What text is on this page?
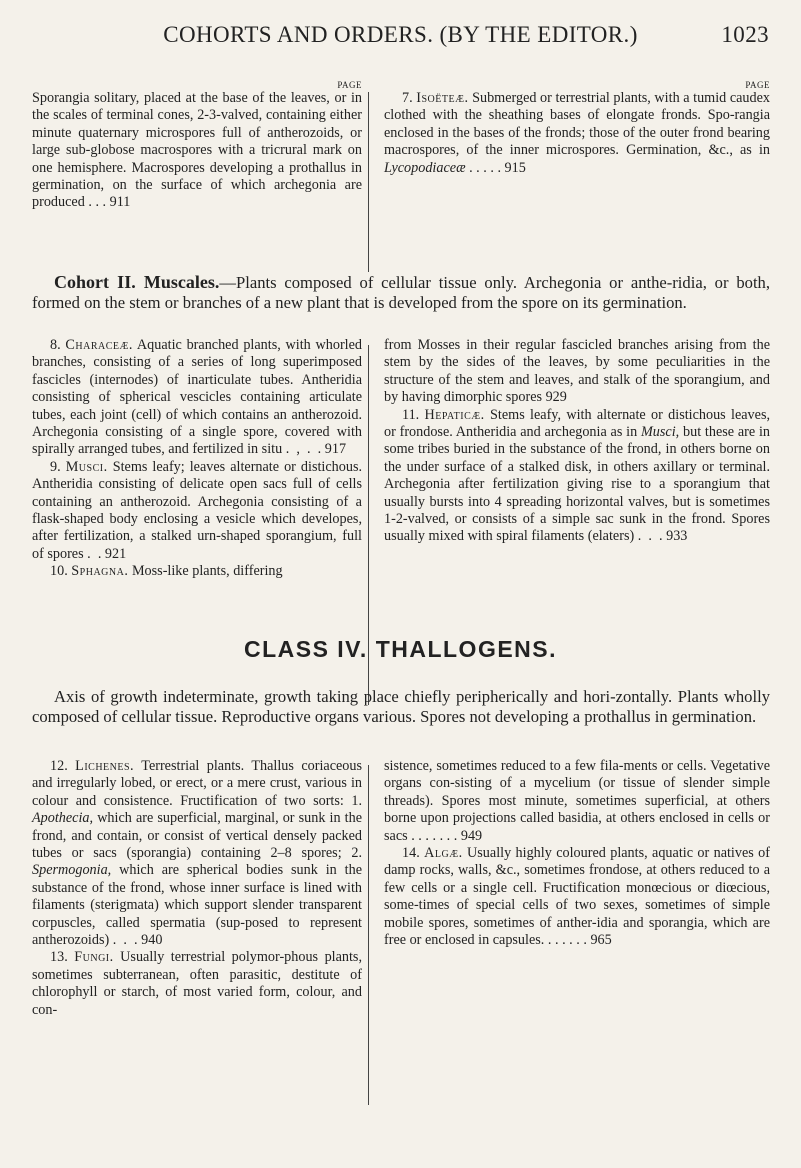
COHORTS AND ORDERS. (BY THE EDITOR.)	1023
PAGE

Sporangia solitary, placed at the base of the leaves, or in the scales of terminal cones, 2-3-valved, containing either minute quaternary microspores full of antherozoids, or large sub-globose macrospores with a tricrural mark on one hemisphere. Macrospores developing a prothallus in germination, on the surface of which archegonia are produced . . . 911

PAGE

7. Isoëteæ. Submerged or terrestrial plants, with a tumid caudex clothed with the sheathing bases of elongate fronds. Spo-rangia enclosed in the bases of the fronds; those of the outer frond bearing macrospores, of the inner microspores. Germination, &c., as in Lycopodiaceæ . . . . . 915

Cohort II. Muscales.—Plants composed of cellular tissue only. Archegonia or anthe-ridia, or both, formed on the stem or branches of a new plant that is developed from the spore on its germination.

8. Characeæ. Aquatic branched plants, with whorled branches, consisting of a series of long superimposed fascicles (internodes) of inarticulate tubes. Antheridia consisting of spherical vescicles containing articulate tubes, each joint (cell) of which contains an antherozoid. Archegonia consisting of a single spore, covered with spirally arranged tubes, and fertilized in situ .  ,  .  . 917

9. Musci. Stems leafy; leaves alternate or distichous. Antheridia consisting of delicate open sacs full of cells containing an antherozoid. Archegonia consisting of a flask-shaped body enclosing a vesicle which developes, after fertilization, a stalked urn-shaped sporangium, full of spores .  . 921

10. Sphagna. Moss-like plants, differing

from Mosses in their regular fascicled branches arising from the stem by the sides of the leaves, by some peculiarities in the structure of the stem and leaves, and stalk of the sporangium, and by having dimorphic spores 929

11. Hepaticæ. Stems leafy, with alternate or distichous leaves, or frondose. Antheridia and archegonia as in Musci, but these are in some tribes buried in the substance of the frond, in others borne on the under surface of a stalked disk, in others axillary or terminal. Archegonia after fertilization giving rise to a sporangium that usually bursts into 4 spreading horizontal valves, but is sometimes 1-2-valved, or consists of a simple sac sunk in the frond. Spores usually mixed with spiral filaments (elaters) .  .  . 933

CLASS IV. THALLOGENS.

Axis of growth indeterminate, growth taking place chiefly peripherically and hori-zontally. Plants wholly composed of cellular tissue. Reproductive organs various. Spores not developing a prothallus in germination.

12. Lichenes. Terrestrial plants. Thallus coriaceous and irregularly lobed, or erect, or a mere crust, various in colour and consistence. Fructification of two sorts: 1. Apothecia, which are superficial, marginal, or sunk in the frond, and contain, or consist of vertical densely packed tubes or sacs (sporangia) containing 2–8 spores; 2. Spermogonia, which are spherical bodies sunk in the substance of the frond, whose inner surface is lined with filaments (sterigmata) which support slender transparent corpuscles, called spermatia (sup-posed to represent antherozoids) .  .  . 940

13. Fungi. Usually terrestrial polymor-phous plants, sometimes subterranean, often parasitic, destitute of chlorophyll or starch, of most varied form, colour, and con-

sistence, sometimes reduced to a few fila-ments or cells. Vegetative organs con-sisting of a mycelium (or tissue of slender simple threads). Spores most minute, sometimes superficial, at others borne upon projections called basidia, at others enclosed in cells or sacs . . . . . . . 949

14. Algæ. Usually highly coloured plants, aquatic or natives of damp rocks, walls, &c., sometimes frondose, at others reduced to a few cells or a single cell. Fructification monœcious or diœcious, some-times of special cells of two sexes, sometimes of simple mobile spores, sometimes of anther-idia and sporangia, which are free or enclosed in capsules. . . . . . . 965
